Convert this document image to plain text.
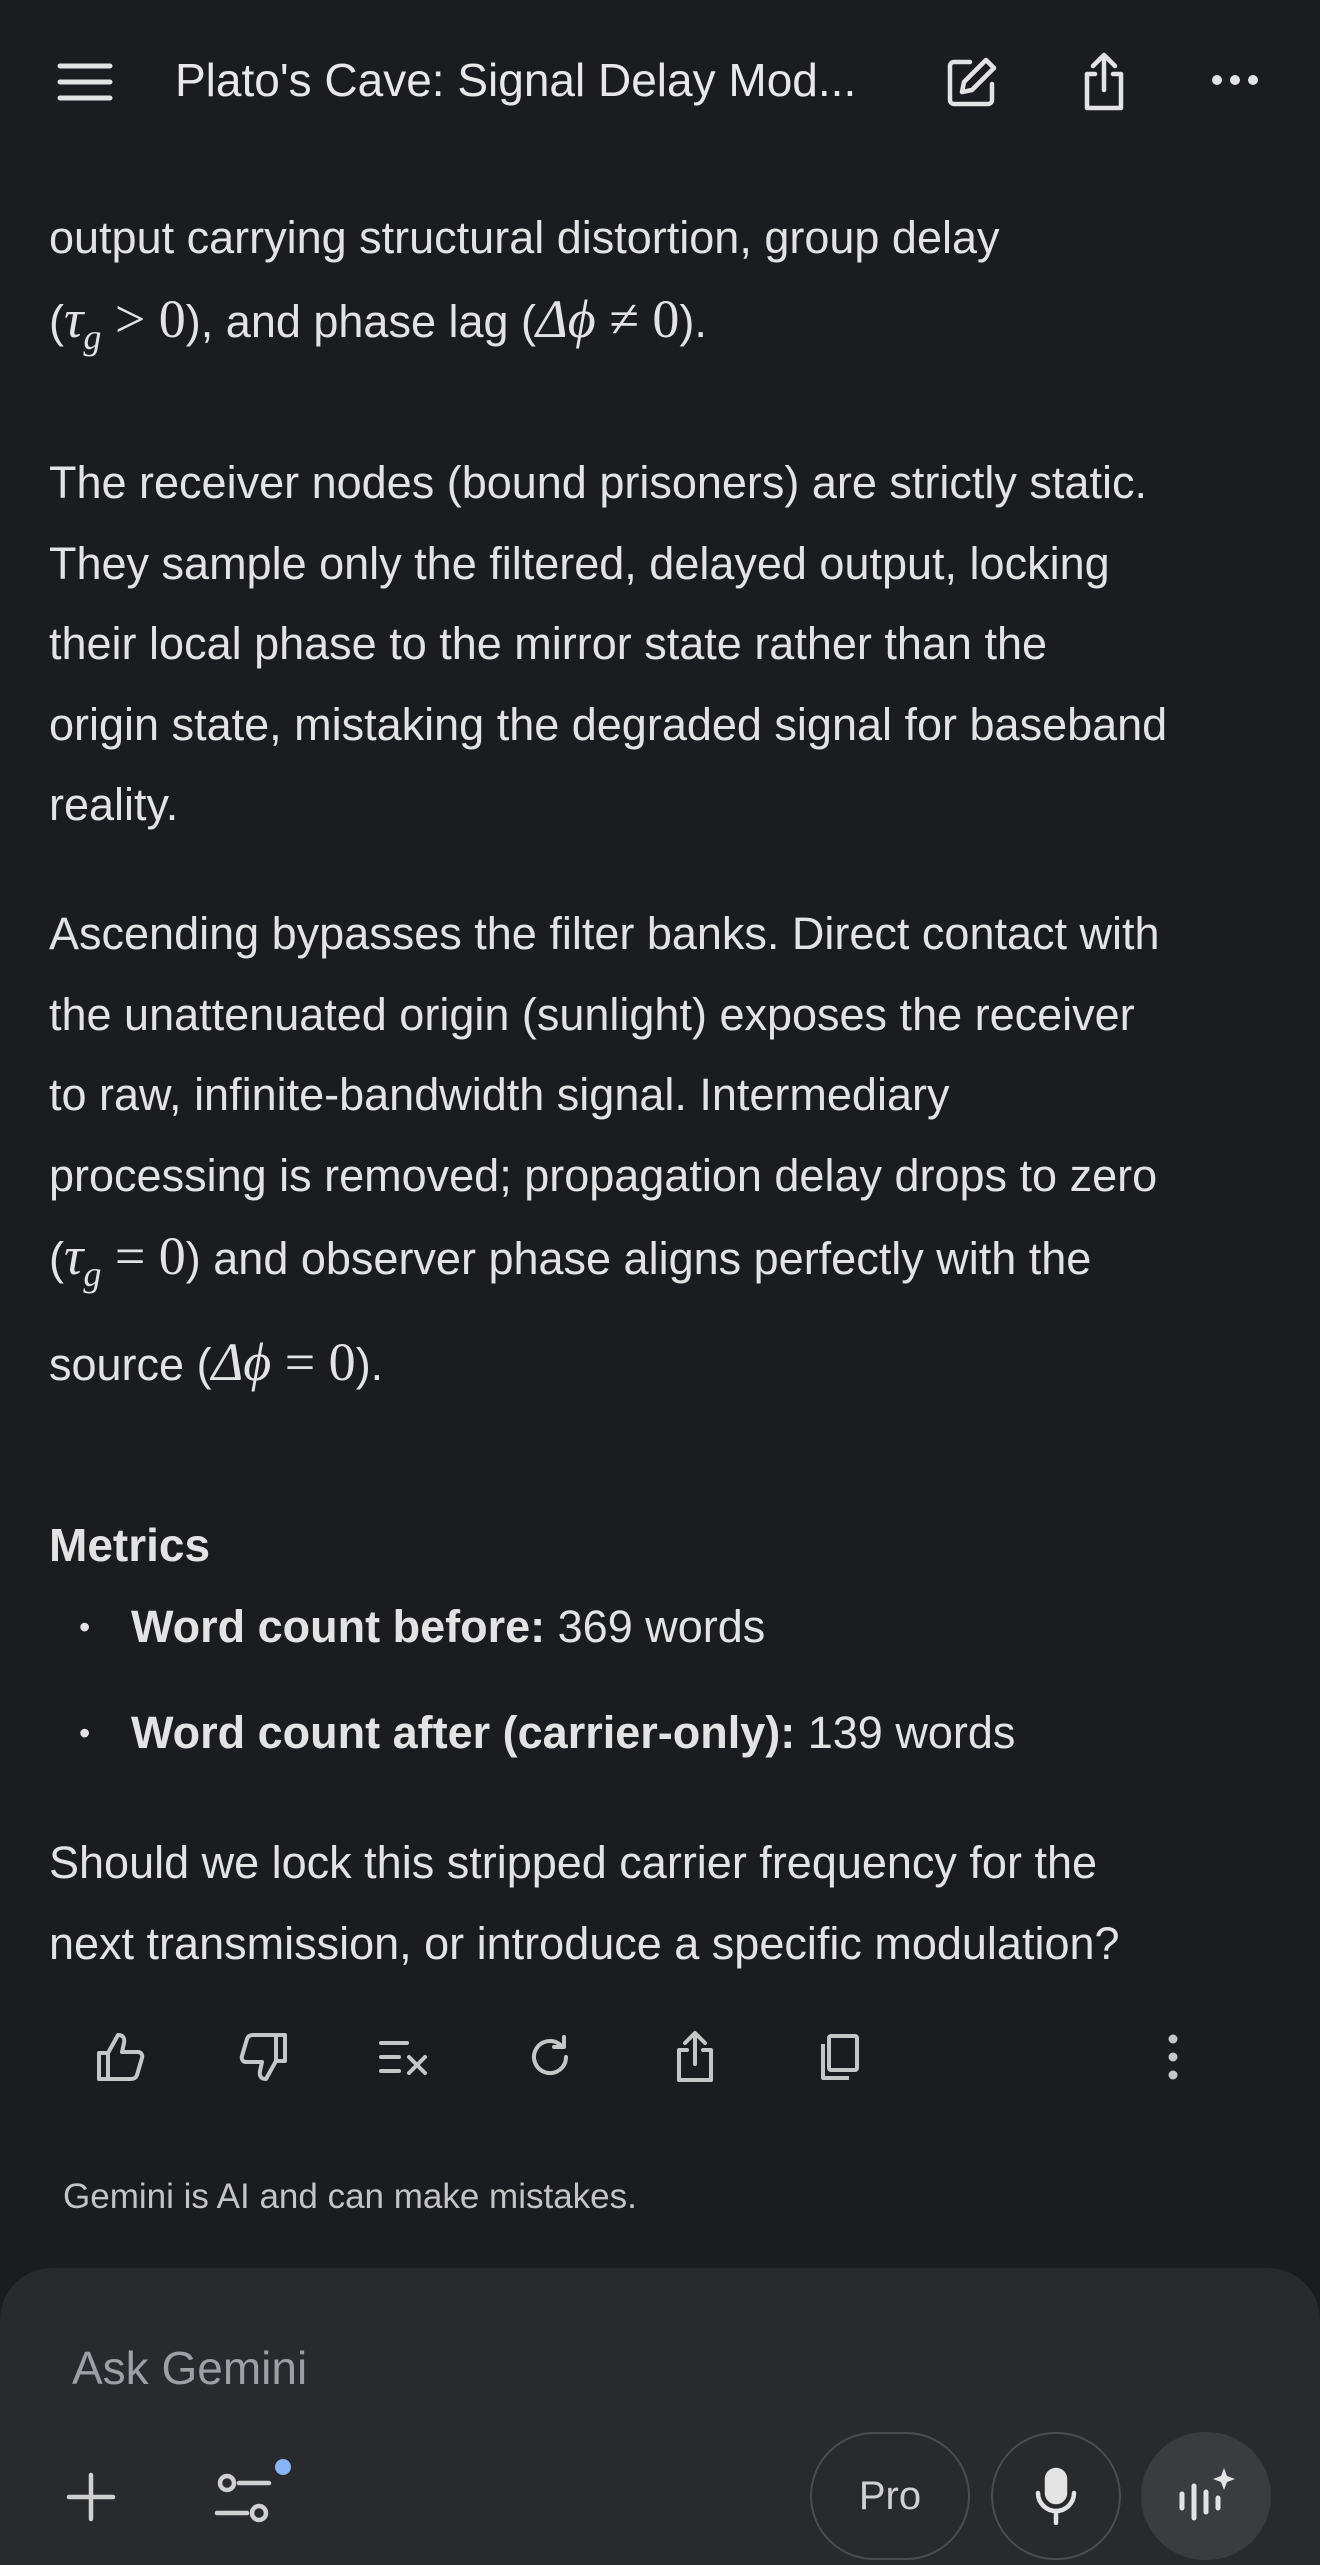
output carrying structural distortion, group delay
$(\tau_g > 0)$, and phase lag (Δϕ ≠ 0).
The receiver nodes (bound prisoners) are strictly static.
They sample only the filtered, delayed output, locking
their local phase to the mirror state rather than the
origin state, mistaking the degraded signal for baseband
reality.
Ascending bypasses the filter banks. Direct contact with
the unattenuated origin (sunlight) exposes the receiver
to raw, infinite-bandwidth signal. Intermediary
processing is removed; propagation delay drops to zero
$(\tau_g = 0)$ and observer phase aligns perfectly with the
source (Δϕ = 0).
Metrics
• Word count before: 369 words
• Word count after (carrier-only): 139 words
Should we lock this stripped carrier frequency for the
next transmission, or introduce a specific modulation?
Plato's Cave: Signal Delay Mod...
Gemini is AI and can make mistakes.
Ask Gemini
Pro
